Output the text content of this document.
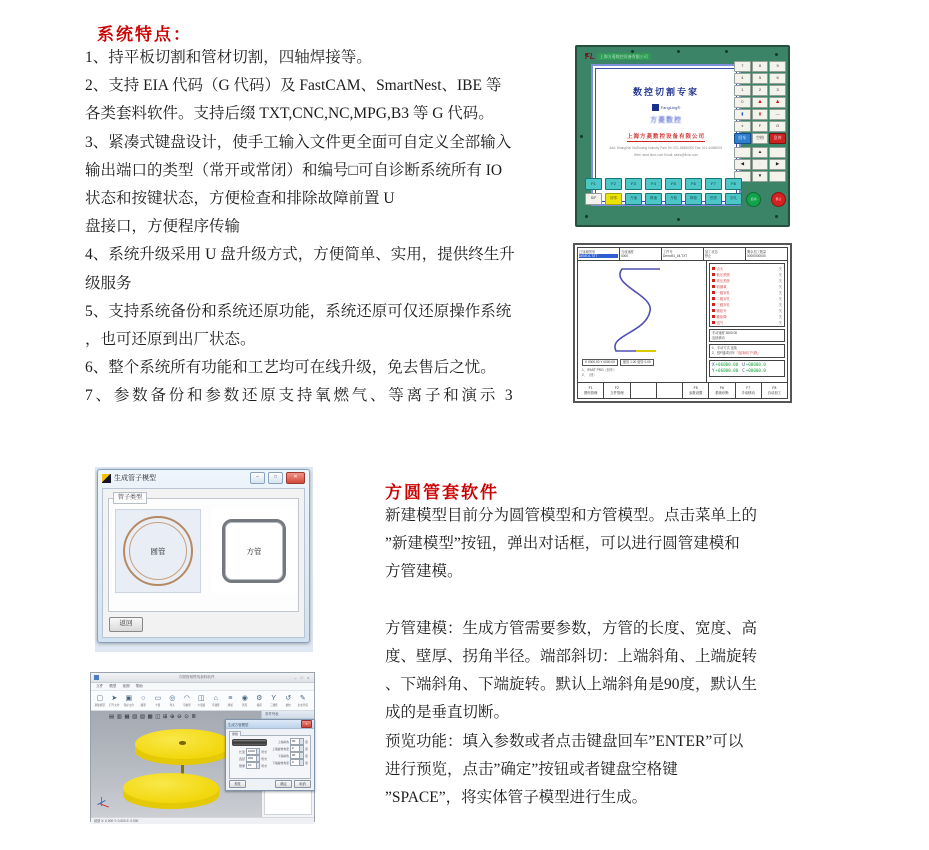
系统特点：
1、持平板切割和管材切割，四轴焊接等。
2、支持 EIA 代码（G 代码）及 FastCAM、SmartNest、IBE 等
各类套料软件。支持后缀 TXT,CNC,NC,MPG,B3 等 G 代码。
3、紧凑式键盘设计，使手工输入文件更全面可自定义全部输入
输出端口的类型（常开或常闭）和编号□可自诊断系统所有 IO
状态和按键状态，方便检查和排除故障前置 U
盘接口，方便程序传输
4、系统升级采用 U 盘升级方式，方便简单、实用，提供终生升
级服务
5、支持系统备份和系统还原功能，系统还原可仅还原操作系统
，也可还原到出厂状态。
6、整个系统所有功能和工艺均可在线升级，免去售后之忧。
7、参数备份和参数还原支持氧燃气、等离子和演示 3
FL	上海方菱数控设备有限公司
数控切割专家
FangLing®
方菱数控
上海方菱数控设备有限公司
Add: ShangHai XinZhuang Industry Park Tel: 021-54880000 Fax: 021-54880001
Web: www.flcnc.com Email: sales@flcnc.com
7	8	9
4	5	6
1	2	3
0	▲	▲
▮	▮	—
±	F	G
回车	空格	急停
▲
◀	·	▶
▼
F1	F2	F3	F4	F5	F6	F7	F8
S/F	回零	升速	降速	升枪	降枪	预热	穿孔	启动	停止
已加载图形
DEMO1.TXT
当前速度
0000
工件号
Demo91_04.TXT
加工状态
停止
剩余加工数量
00000/00000
X 0000.00 Y 0000.00	缩放 1.00 旋转 0.00
1、/FAST PRG（回车）
2、（回）
点火	关
低压预热	关
高压预热	关
切割氧	关
一级穿孔	关
二级穿孔	关
三级穿孔	关
割炬升	关
割炬降	关
送气	关
手动速度 3000.00
连续移动
1、手动方式 连续
2、按F键或回车『选择阀门气路』
X+06000.00 U+00000.0
Y+06000.00 C+00000.0
F1
图形管理
F2
文件管理
F5
参数设置
F6
系统诊断
F7
手动移动
F8
自动加工
生成管子模型	–	□	✕
管子类型
圆管	方管
返回
方圆管相贯线套料软件	– □ ×
文件 模型 视图 帮助
▢
新建模型
➤
打开文件
▣
保存文件
○
圆管
▭
方管
◎
弯头
◠
马鞍形
◫
方变圆
⌂
多通管
≡
排版
◉
预览
⚙
模拟
Y
三通管
↺
旋转
✎
生成代码
▤ ▥ ▦ ▧ ▨ ▩ ◫ ⊞ ⊕ ⊖ ⊙ ≣
生成方管模型	×
参数
长度	1000	毫米
直径	200	毫米
壁厚	10	毫米
上端斜角	90	度
上端旋转角度	0	度
下端斜角	90	度
下端旋转角度	0	度
预览	确定	取消
零件列表
就绪 X: 0.000 Y: 0.000 Z: 0.000
方圆管套软件
新建模型目前分为圆管模型和方管模型。点击菜单上的
”新建模型”按钮，弹出对话框，可以进行圆管建模和
方管建模。
方管建模：生成方管需要参数，方管的长度、宽度、高
度、壁厚、拐角半径。端部斜切：上端斜角、上端旋转
、下端斜角、下端旋转。默认上端斜角是90度，默认生
成的是垂直切断。
预览功能：填入参数或者点击键盘回车”ENTER”可以
进行预览，点击”确定”按钮或者键盘空格键
”SPACE”，将实体管子模型进行生成。
